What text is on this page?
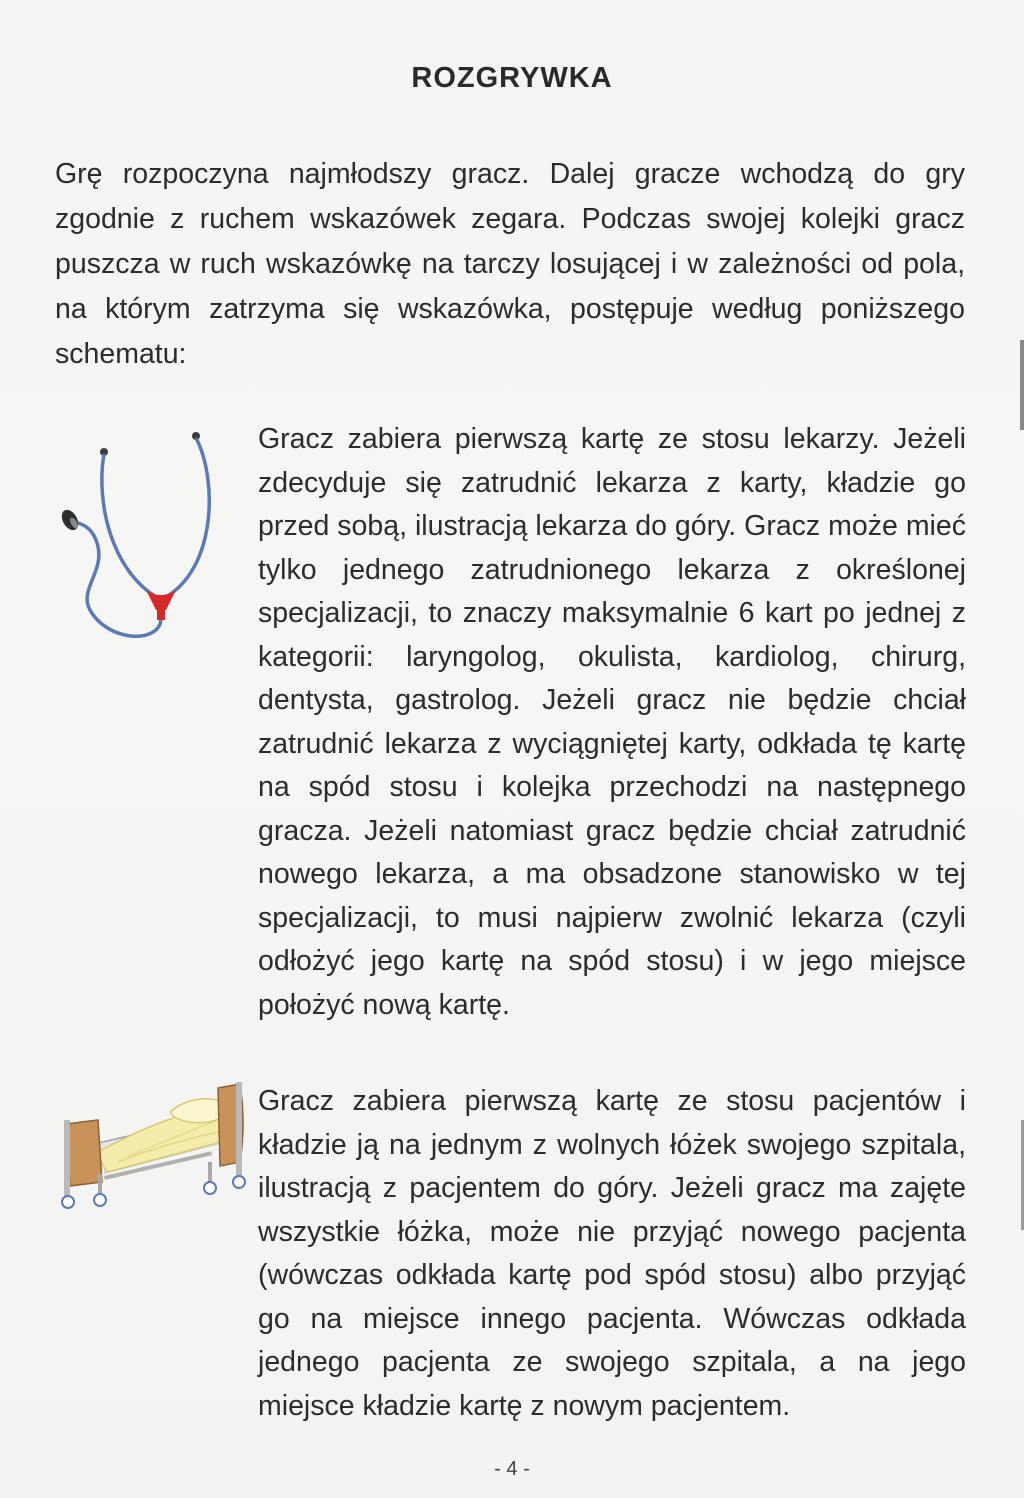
ROZGRYWKA
Grę rozpoczyna najmłodszy gracz. Dalej gracze wchodzą do gry zgodnie z ruchem wskazówek zegara. Podczas swojej kolejki gracz puszcza w ruch wskazówkę na tarczy losującej i w zależności od pola, na którym zatrzyma się wskazówka, postępuje według poniższego schematu:
Gracz zabiera pierwszą kartę ze stosu lekarzy. Jeżeli zdecyduje się zatrudnić lekarza z karty, kładzie go przed sobą, ilustracją lekarza do góry. Gracz może mieć tylko jednego zatrudnionego lekarza z określonej specjalizacji, to znaczy maksymalnie 6 kart po jednej z kategorii: laryngolog, okulista, kardiolog, chirurg, dentysta, gastrolog. Jeżeli gracz nie będzie chciał zatrudnić lekarza z wyciągniętej karty, odkłada tę kartę na spód stosu i kolejka przechodzi na następnego gracza. Jeżeli natomiast gracz będzie chciał zatrudnić nowego lekarza, a ma obsadzone stanowisko w tej specjalizacji, to musi najpierw zwolnić lekarza (czyli odłożyć jego kartę na spód stosu) i w jego miejsce położyć nową kartę.
Gracz zabiera pierwszą kartę ze stosu pacjentów i kładzie ją na jednym z wolnych łóżek swojego szpitala, ilustracją z pacjentem do góry. Jeżeli gracz ma zajęte wszystkie łóżka, może nie przyjąć nowego pacjenta (wówczas odkłada kartę pod spód stosu) albo przyjąć go na miejsce innego pacjenta. Wówczas odkłada jednego pacjenta ze swojego szpitala, a na jego miejsce kładzie kartę z nowym pacjentem.
- 4 -
